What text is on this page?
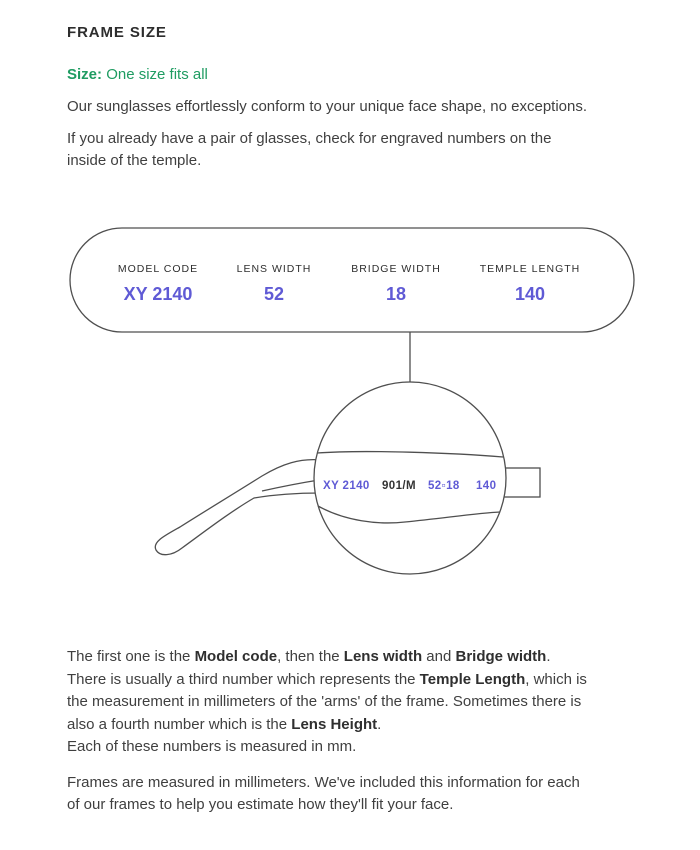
FRAME SIZE
Size: One size fits all
Our sunglasses effortlessly conform to your unique face shape, no exceptions.
If you already have a pair of glasses, check for engraved numbers on the
inside of the temple.
MODEL CODE
XY 2140
LENS WIDTH
52
BRIDGE WIDTH
18
TEMPLE LENGTH
140
XY 2140 901/M 52▫18 140
The first one is the Model code, then the Lens width and Bridge width.
There is usually a third number which represents the Temple Length, which is
the measurement in millimeters of the 'arms' of the frame. Sometimes there is
also a fourth number which is the Lens Height.
Each of these numbers is measured in mm.
Frames are measured in millimeters. We've included this information for each
of our frames to help you estimate how they'll fit your face.
